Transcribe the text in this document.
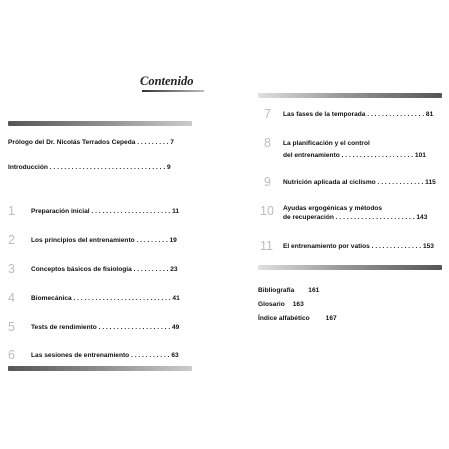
Contenido
Prólogo del Dr. Nicolás Terrados Cepeda . . . . . . . . . 7
Introducción . . . . . . . . . . . . . . . . . . . . . . . . . . . . . . . . 9
1 Preparación inicial . . . . . . . . . . . . . . . . . . . . . . 11
2 Los principios del entrenamiento . . . . . . . . . 19
3 Conceptos básicos de fisiología . . . . . . . . . . 23
4 Biomecánica . . . . . . . . . . . . . . . . . . . . . . . . . . . 41
5 Tests de rendimiento . . . . . . . . . . . . . . . . . . . . 49
6 Las sesiones de entrenamiento . . . . . . . . . . . 63
7 Las fases de la temporada . . . . . . . . . . . . . . . . 81
8 La planificación y el control
del entrenamiento . . . . . . . . . . . . . . . . . . . . 101
9 Nutrición aplicada al ciclismo . . . . . . . . . . . . . 115
10 Ayudas ergogénicas y métodos
de recuperación . . . . . . . . . . . . . . . . . . . . . . 143
11 El entrenamiento por vatios . . . . . . . . . . . . . . 153
Bibliografía 161
Glosario 163
Índice alfabético 167
